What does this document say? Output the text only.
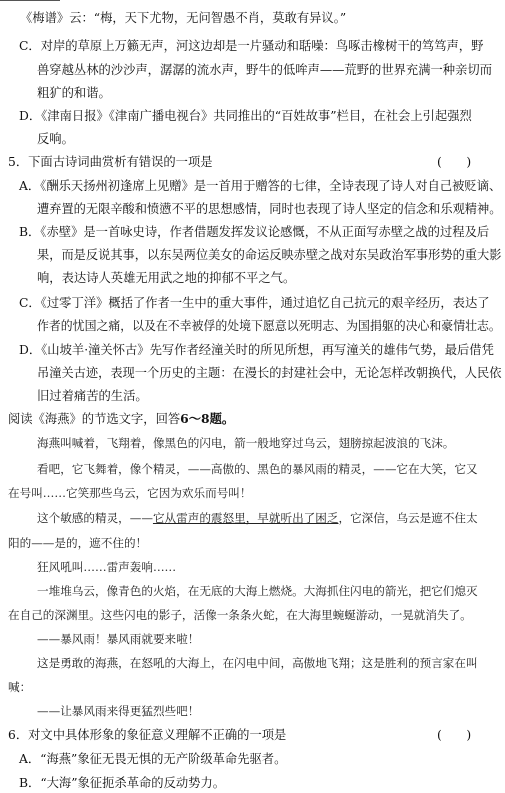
《梅谱》云：“梅，天下尤物，无问智愚不肖，莫敢有异议。”
C．对岸的草原上万籁无声，河这边却是一片骚动和聒噪：鸟啄击橡树干的笃笃声，野
兽穿越丛林的沙沙声，潺潺的流水声，野牛的低哞声——荒野的世界充满一种亲切而
粗犷的和谐。
D．《津南日报》《津南广播电视台》共同推出的“百姓故事”栏目，在社会上引起强烈
反响。
5．下面古诗词曲赏析有错误的一项是	(　　)
A．《酬乐天扬州初逢席上见赠》是一首用于赠答的七律，全诗表现了诗人对自己被贬谪、
遭弃置的无限辛酸和愤懑不平的思想感情，同时也表现了诗人坚定的信念和乐观精神。
B．《赤壁》是一首咏史诗，作者借题发挥发议论感慨，不从正面写赤壁之战的过程及后
果，而是反说其事，以东吴两位美女的命运反映赤壁之战对东吴政治军事形势的重大影
响，表达诗人英雄无用武之地的抑郁不平之气。
C．《过零丁洋》概括了作者一生中的重大事件，通过追忆自己抗元的艰辛经历，表达了
作者的忧国之痛，以及在不幸被俘的处境下愿意以死明志、为国捐躯的决心和豪情壮志。
D．《山坡羊·潼关怀古》先写作者经潼关时的所见所想，再写潼关的雄伟气势，最后借凭
吊潼关古迹，表现一个历史的主题：在漫长的封建社会中，无论怎样改朝换代，人民依
旧过着痛苦的生活。
阅读《海燕》的节选文字，回答6～8题。
海燕叫喊着，飞翔着，像黑色的闪电，箭一般地穿过乌云，翅膀掠起波浪的飞沫。
看吧，它飞舞着，像个精灵，——高傲的、黑色的暴风雨的精灵，——它在大笑，它又
在号叫……它笑那些乌云，它因为欢乐而号叫！
这个敏感的精灵，——它从雷声的震怒里，早就听出了困乏，它深信，乌云是遮不住太
阳的——是的，遮不住的！
狂风吼叫……雷声轰响……
一堆堆乌云，像青色的火焰，在无底的大海上燃烧。大海抓住闪电的箭光，把它们熄灭
在自己的深渊里。这些闪电的影子，活像一条条火蛇，在大海里蜿蜒游动，一晃就消失了。
——暴风雨！暴风雨就要来啦！
这是勇敢的海燕，在怒吼的大海上，在闪电中间，高傲地飞翔；这是胜利的预言家在叫
喊：
——让暴风雨来得更猛烈些吧！
6．对文中具体形象的象征意义理解不正确的一项是	(　　)
A．“海燕”象征无畏无惧的无产阶级革命先驱者。
B．“大海”象征扼杀革命的反动势力。
